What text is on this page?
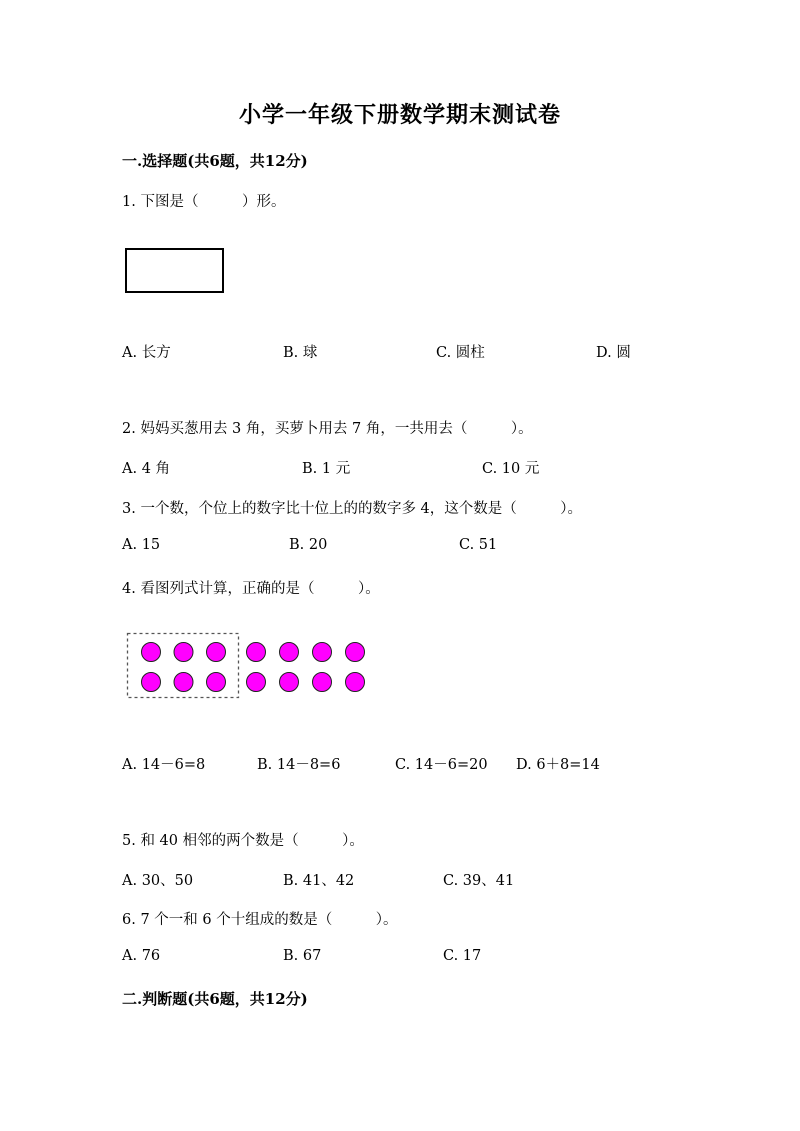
小学一年级下册数学期末测试卷
一.选择题(共6题，共12分)
1. 下图是（　　　）形。
A. 长方	B. 球	C. 圆柱	D. 圆
2. 妈妈买葱用去 3 角，买萝卜用去 7 角，一共用去（　　　）。
A. 4 角	B. 1 元	C. 10 元
3. 一个数，个位上的数字比十位上的的数字多 4，这个数是（　　　）。
A. 15	B. 20	C. 51
4. 看图列式计算，正确的是（　　　）。
A. 14－6=8	B. 14－8=6	C. 14－6=20 D. 6＋8=14
5. 和 40 相邻的两个数是（　　　）。
A. 30、50	B. 41、42	C. 39、41
6. 7 个一和 6 个十组成的数是（　　　）。
A. 76	B. 67	C. 17
二.判断题(共6题，共12分)
